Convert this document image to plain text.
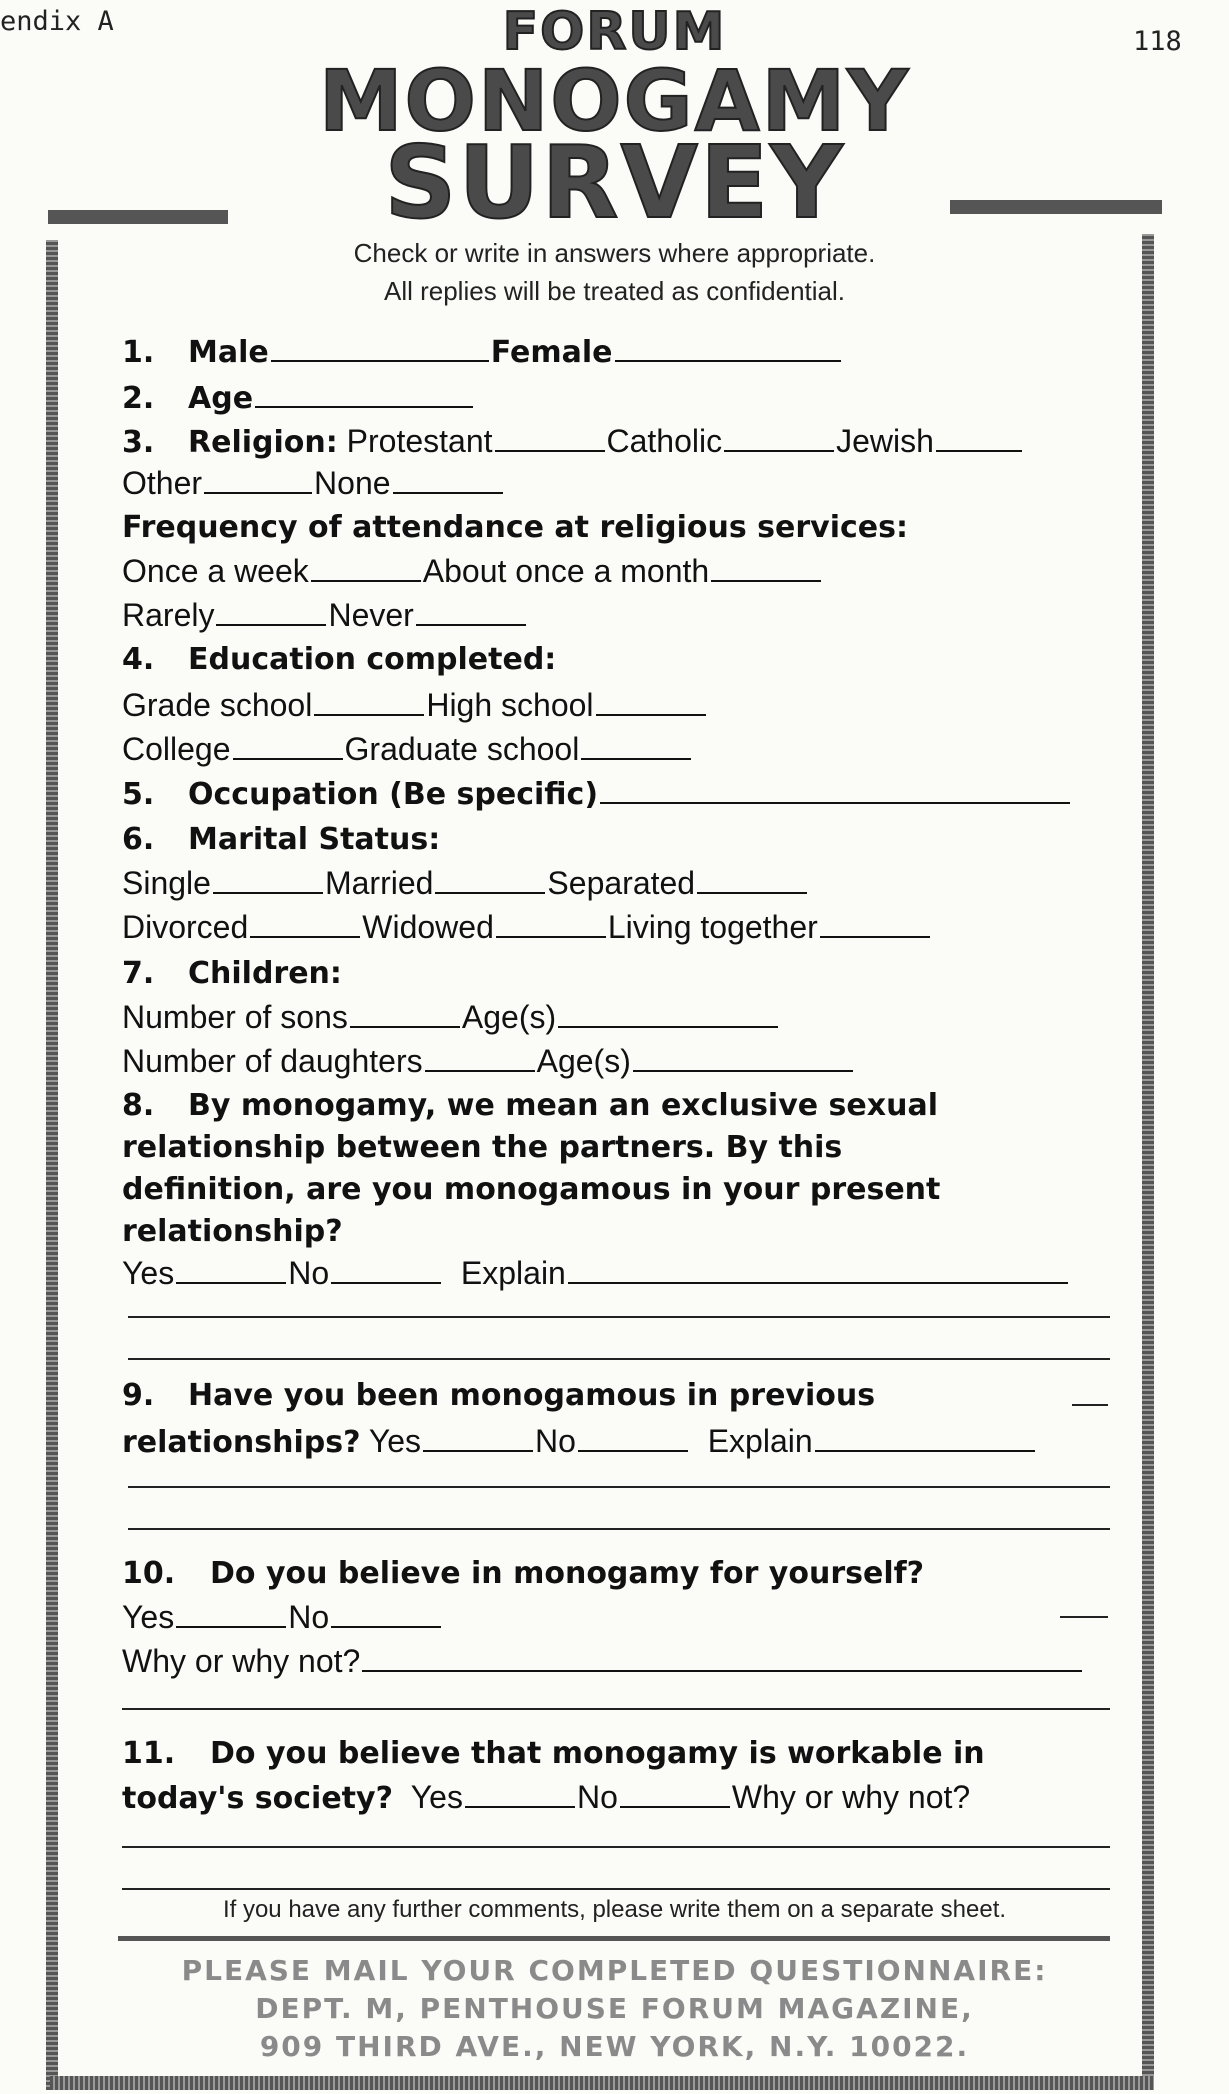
endix A
118
FORUM
MONOGAMY
SURVEY
Check or write in answers where appropriate.
All replies will be treated as confidential.
1. Male	Female
2. Age
3. Religion: Protestant	Catholic	Jewish
Other	None
Frequency of attendance at religious services:
Once a week	About once a month
Rarely	Never
4. Education completed:
Grade school	High school
College	Graduate school
5. Occupation (Be specific)
6. Marital Status:
Single	Married	Separated
Divorced	Widowed	Living together
7. Children:
Number of sons	Age(s)
Number of daughters	Age(s)
8. By monogamy, we mean an exclusive sexual
relationship between the partners. By this
definition, are you monogamous in your present
relationship?
Yes	No	Explain
9. Have you been monogamous in previous
relationships? Yes	No	Explain
10. Do you believe in monogamy for yourself?
Yes	No
Why or why not?
11. Do you believe that monogamy is workable in
today's society? Yes	No	Why or why not?
If you have any further comments, please write them on a separate sheet.
PLEASE MAIL YOUR COMPLETED QUESTIONNAIRE:
DEPT. M, PENTHOUSE FORUM MAGAZINE,
909 THIRD AVE., NEW YORK, N.Y. 10022.
